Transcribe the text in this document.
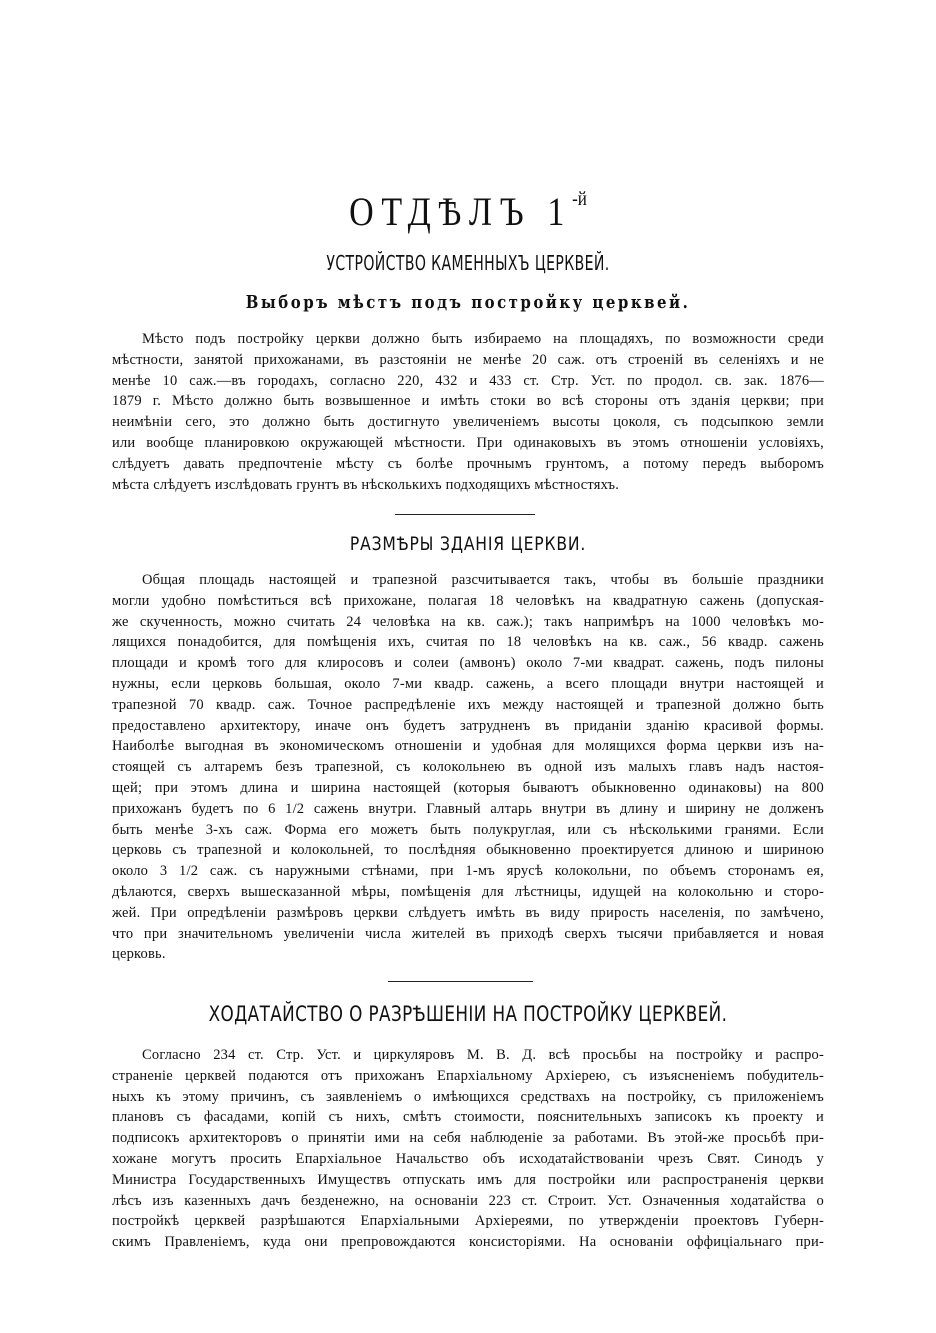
ОТДѢЛЪ $1^{-й}$
УСТРОЙСТВО КАМЕННЫХЪ ЦЕРКВЕЙ.
Выборъ мѣстъ подъ постройку церквей.
Мѣсто подъ постройку церкви должно быть избираемо на площадяхъ, по возможности среди
мѣстности, занятой прихожанами, въ разстояніи не менѣе 20 саж. отъ строеній въ селеніяхъ и не
менѣе 10 саж.—въ городахъ, согласно 220, 432 и 433 ст. Стр. Уст. по продол. св. зак. 1876—
1879 г. Мѣсто должно быть возвышенное и имѣть стоки во всѣ стороны отъ зданія церкви; при
неимѣніи сего, это должно быть достигнуто увеличеніемъ высоты цоколя, съ подсыпкою земли
или вообще планировкою окружающей мѣстности. При одинаковыхъ въ этомъ отношеніи условіяхъ,
слѣдуетъ давать предпочтеніе мѣсту съ болѣе прочнымъ грунтомъ, а потому передъ выборомъ
мѣста слѣдуетъ изслѣдовать грунтъ въ нѣсколькихъ подходящихъ мѣстностяхъ.
РАЗМѢРЫ ЗДАНІЯ ЦЕРКВИ.
Общая площадь настоящей и трапезной разсчитывается такъ, чтобы въ большіе праздники
могли удобно помѣститься всѣ прихожане, полагая 18 человѣкъ на квадратную сажень (допуская-
же скученность, можно считать 24 человѣка на кв. саж.); такъ напримѣръ на 1000 человѣкъ мо-
лящихся понадобится, для помѣщенія ихъ, считая по 18 человѣкъ на кв. саж., 56 квадр. сажень
площади и кромѣ того для клиросовъ и солеи (амвонъ) около 7-ми квадрат. сажень, подъ пилоны
нужны, если церковь большая, около 7-ми квадр. сажень, а всего площади внутри настоящей и
трапезной 70 квадр. саж. Точное распредѣленіе ихъ между настоящей и трапезной должно быть
предоставлено архитектору, иначе онъ будетъ затрудненъ въ приданіи зданію красивой формы.
Наиболѣе выгодная въ экономическомъ отношеніи и удобная для молящихся форма церкви изъ на-
стоящей съ алтаремъ безъ трапезной, съ колокольнею въ одной изъ малыхъ главъ надъ настоя-
щей; при этомъ длина и ширина настоящей (которыя бываютъ обыкновенно одинаковы) на 800
прихожанъ будетъ по 6 1/2 сажень внутри. Главный алтарь внутри въ длину и ширину не долженъ
быть менѣе 3-хъ саж. Форма его можетъ быть полукруглая, или съ нѣсколькими гранями. Если
церковь съ трапезной и колокольней, то послѣдняя обыкновенно проектируется длиною и шириною
около 3 1/2 саж. съ наружными стѣнами, при 1-мъ ярусѣ колокольни, по объемъ сторонамъ ея,
дѣлаются, сверхъ вышесказанной мѣры, помѣщенія для лѣстницы, идущей на колокольню и сторо-
жей. При опредѣленіи размѣровъ церкви слѣдуетъ имѣть въ виду прирость населенія, по замѣчено,
что при значительномъ увеличеніи числа жителей въ приходѣ сверхъ тысячи прибавляется и новая
церковь.
ХОДАТАЙСТВО О РАЗРѢШЕНІИ НА ПОСТРОЙКУ ЦЕРКВЕЙ.
Согласно 234 ст. Стр. Уст. и циркуляровъ М. В. Д. всѣ просьбы на постройку и распро-
страненіе церквей подаются отъ прихожанъ Епархіальному Архіерею, съ изъясненіемъ побудитель-
ныхъ къ этому причинъ, съ заявленіемъ о имѣющихся средствахъ на постройку, съ приложеніемъ
плановъ съ фасадами, копій съ нихъ, смѣтъ стоимости, пояснительныхъ записокъ къ проекту и
подписокъ архитекторовъ о принятіи ими на себя наблюденіе за работами. Въ этой-же просьбѣ при-
хожане могутъ просить Епархіальное Начальство объ исходатайствованіи чрезъ Свят. Синодъ у
Министра Государственныхъ Имуществъ отпускать имъ для постройки или распространенія церкви
лѣсъ изъ казенныхъ дачъ безденежно, на основаніи 223 ст. Строит. Уст. Означенныя ходатайства о
постройкѣ церквей разрѣшаются Епархіальными Архіереями, по утвержденіи проектовъ Губерн-
скимъ Правленіемъ, куда они препровождаются консисторіями. На основаніи оффиціальнаго при-
